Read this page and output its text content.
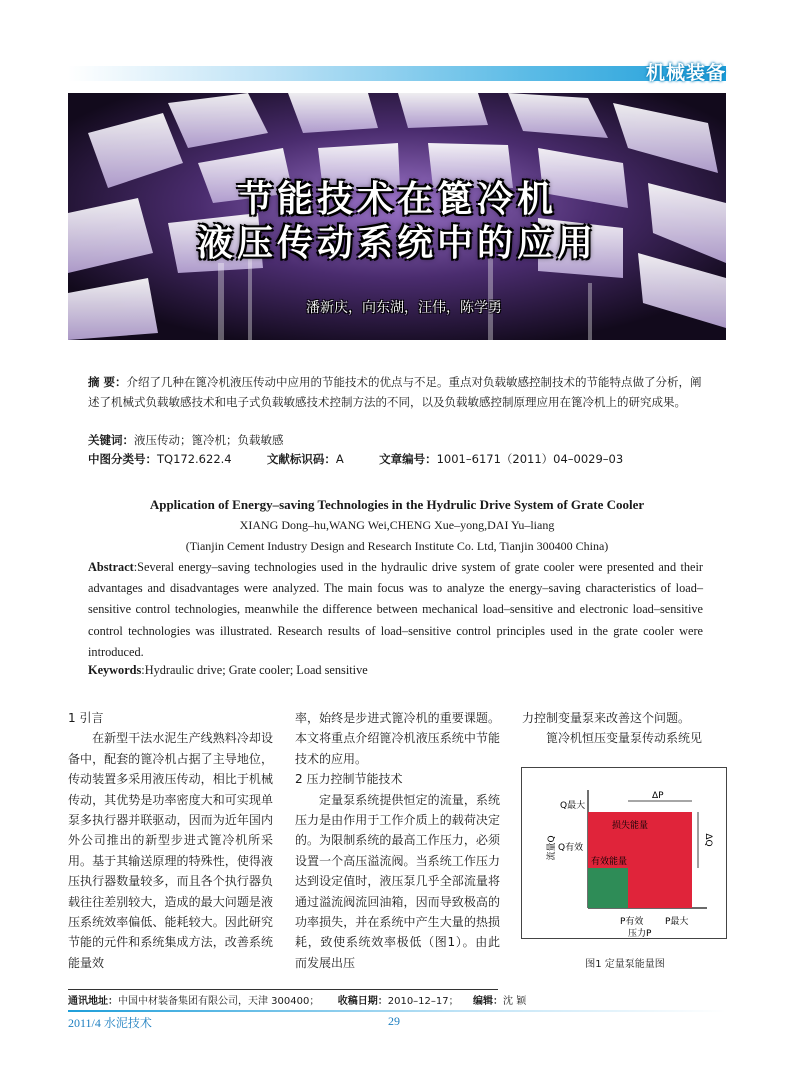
机械装备
节能技术在篦冷机
液压传动系统中的应用
潘新庆，向东湖，汪伟，陈学勇
摘 要：介绍了几种在篦冷机液压传动中应用的节能技术的优点与不足。重点对负载敏感控制技术的节能特点做了分析，阐述了机械式负载敏感技术和电子式负载敏感技术控制方法的不同，以及负载敏感控制原理应用在篦冷机上的研究成果。
关键词：液压传动；篦冷机；负载敏感
中图分类号：TQ172.622.4	文献标识码：A	文章编号：1001–6171（2011）04–0029–03
Application of Energy–saving Technologies in the Hydrulic Drive System of Grate Cooler
XIANG Dong–hu,WANG Wei,CHENG Xue–yong,DAI Yu–liang
(Tianjin Cement Industry Design and Research Institute Co. Ltd, Tianjin 300400 China)
Abstract:Several energy–saving technologies used in the hydraulic drive system of grate cooler were presented and their advantages and disadvantages were analyzed. The main focus was to analyze the energy–saving characteristics of load–sensitive control technologies, meanwhile the difference between mechanical load–sensitive and electronic load–sensitive control technologies was illustrated. Research results of load–sensitive control principles used in the grate cooler were introduced.
Keywords:Hydraulic drive; Grate cooler; Load sensitive
1 引言

在新型干法水泥生产线熟料冷却设备中，配套的篦冷机占据了主导地位，传动装置多采用液压传动，相比于机械传动，其优势是功率密度大和可实现单泵多执行器并联驱动，因而为近年国内外公司推出的新型步进式篦冷机所采用。基于其输送原理的特殊性，使得液压执行器数量较多，而且各个执行器负载往往差别较大，造成的最大问题是液压系统效率偏低、能耗较大。因此研究节能的元件和系统集成方法，改善系统能量效

率，始终是步进式篦冷机的重要课题。本文将重点介绍篦冷机液压系统中节能技术的应用。

2 压力控制节能技术

定量泵系统提供恒定的流量，系统压力是由作用于工作介质上的载荷决定的。为限制系统的最高工作压力，必须设置一个高压溢流阀。当系统工作压力达到设定值时，液压泵几乎全部流量将通过溢流阀流回油箱，因而导致极高的功率损失，并在系统中产生大量的热损耗，致使系统效率极低（图1）。由此而发展出压

力控制变量泵来改善这个问题。

篦冷机恒压变量泵传动系统见

流量Q
Q最大
Q有效
ΔP
ΔQ
损失能量
有效能量
P有效 P最大
压力P
图1 定量泵能量图
通讯地址：中国中材装备集团有限公司，天津 300400； 收稿日期：2010–12–17； 编辑：沈 颖
2011/4 水泥技术	29
